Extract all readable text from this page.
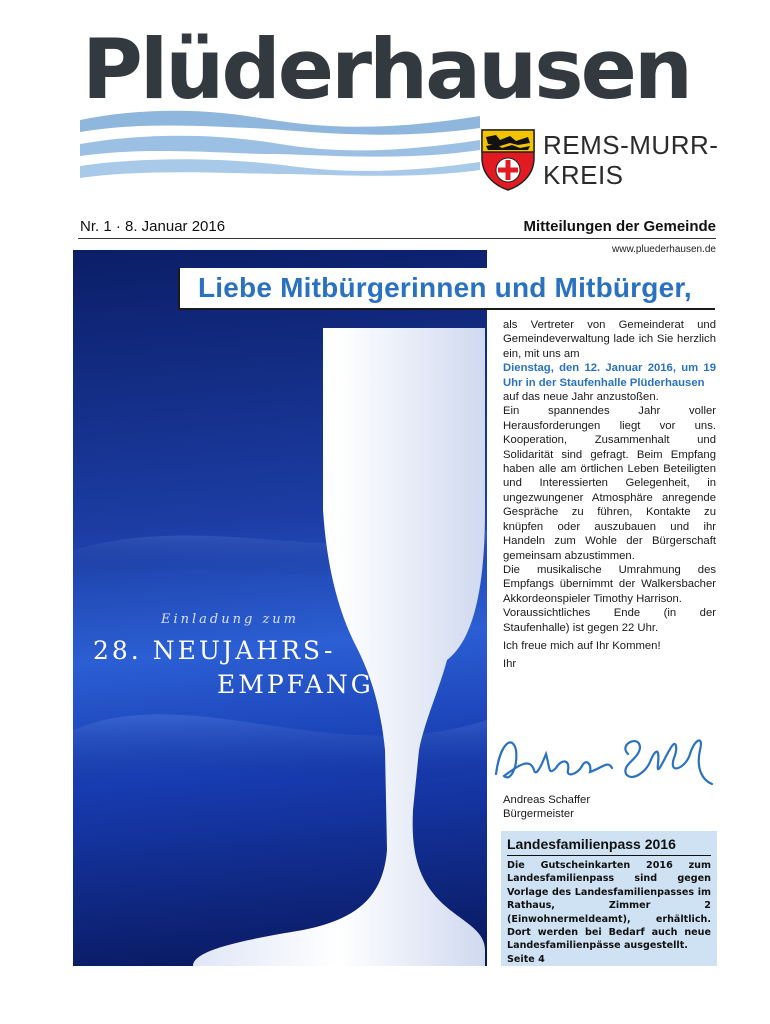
Plüderhausen
REMS-MURR-
KREIS
Nr. 1 · 8. Januar 2016	Mitteilungen der Gemeinde
www.pluederhausen.de
Einladung zum
28. NEUJAHRS-
EMPFANG
Liebe Mitbürgerinnen und Mitbürger,

als Vertreter von Gemeinderat und Gemeindeverwaltung lade ich Sie herzlich ein, mit uns am

Dienstag, den 12. Januar 2016, um 19 Uhr in der Staufenhalle Plüderhausen

auf das neue Jahr anzustoßen.

Ein spannendes Jahr voller Herausforderungen liegt vor uns. Kooperation, Zusammenhalt und Solidarität sind gefragt. Beim Empfang haben alle am örtlichen Leben Beteiligten und Interessierten Gelegenheit, in ungezwungener Atmosphäre anregende Gespräche zu führen, Kontakte zu knüpfen oder auszubauen und ihr Handeln zum Wohle der Bürgerschaft gemeinsam abzustimmen.

Die musikalische Umrahmung des Empfangs übernimmt der Walkersbacher Akkordeonspieler Timothy Harrison.

Voraussichtliches Ende (in der Staufenhalle) ist gegen 22 Uhr.

Ich freue mich auf Ihr Kommen!

Ihr

Andreas Schaffer
Bürgermeister
Landesfamilienpass 2016
Die Gutscheinkarten 2016 zum Landesfamilienpass sind gegen Vorlage des Landesfamilienpasses im Rathaus, Zimmer 2 (Einwohnermeldeamt), erhältlich. Dort werden bei Bedarf auch neue Landesfamilienpässe ausgestellt.
Seite 4
